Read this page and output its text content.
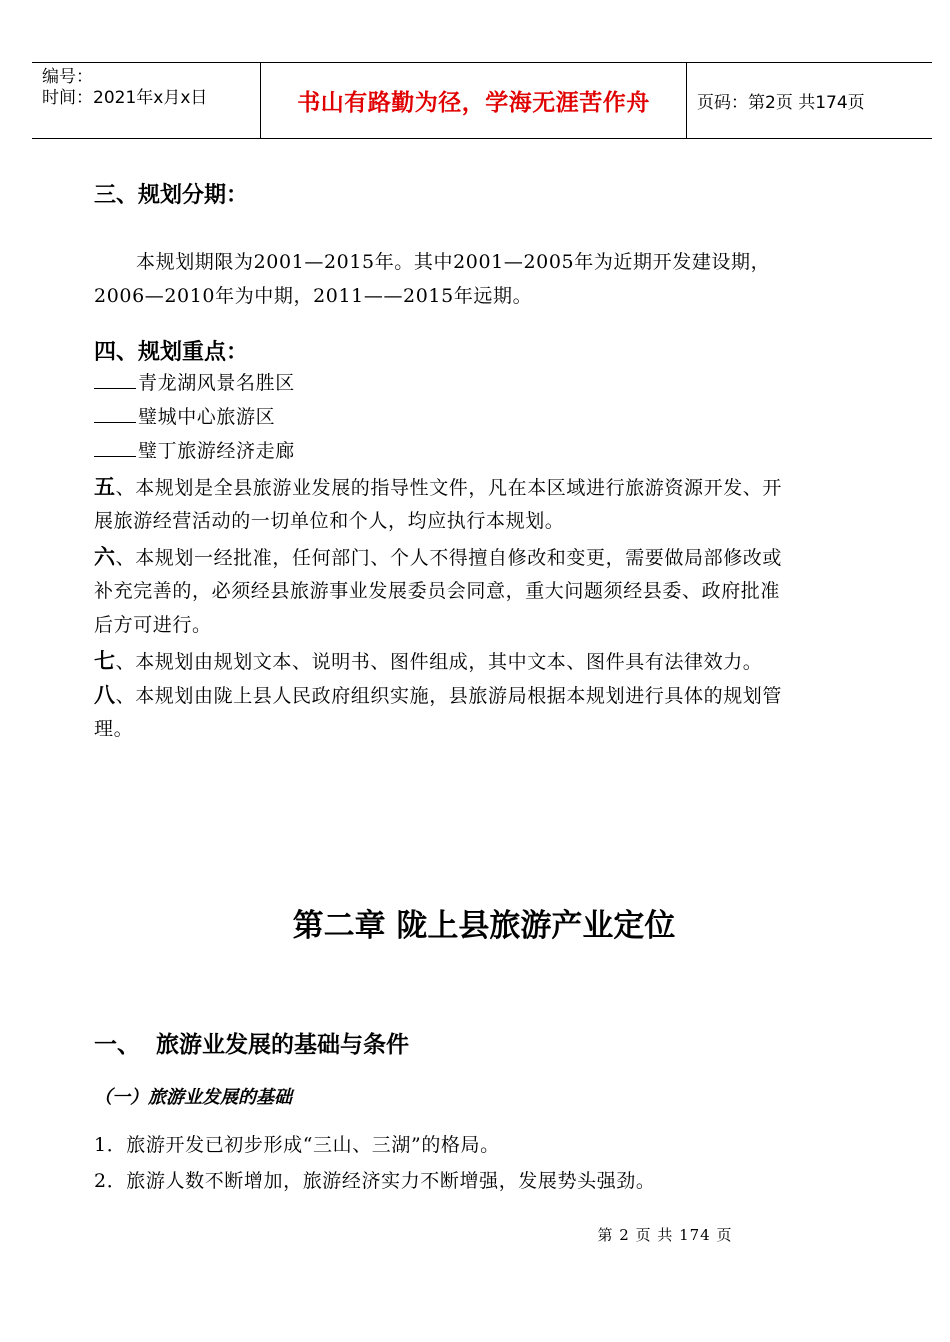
编号：
时间：2021年x月x日	书山有路勤为径，学海无涯苦作舟	页码：第2页 共174页
三、规划分期：
本规划期限为2001—2015年。其中2001—2005年为近期开发建设期，
2006—2010年为中期，2011——2015年远期。
四、规划重点：
青龙湖风景名胜区
璧城中心旅游区
璧丁旅游经济走廊
五、本规划是全县旅游业发展的指导性文件，凡在本区域进行旅游资源开发、开
展旅游经营活动的一切单位和个人，均应执行本规划。
六、本规划一经批准，任何部门、个人不得擅自修改和变更，需要做局部修改或
补充完善的，必须经县旅游事业发展委员会同意，重大问题须经县委、政府批准
后方可进行。
七、本规划由规划文本、说明书、图件组成，其中文本、图件具有法律效力。
八、本规划由陇上县人民政府组织实施，县旅游局根据本规划进行具体的规划管
理。
第二章 陇上县旅游产业定位
一、 旅游业发展的基础与条件
（一）旅游业发展的基础
1．旅游开发已初步形成“三山、三湖”的格局。
2．旅游人数不断增加，旅游经济实力不断增强，发展势头强劲。
第 2 页 共 174 页
